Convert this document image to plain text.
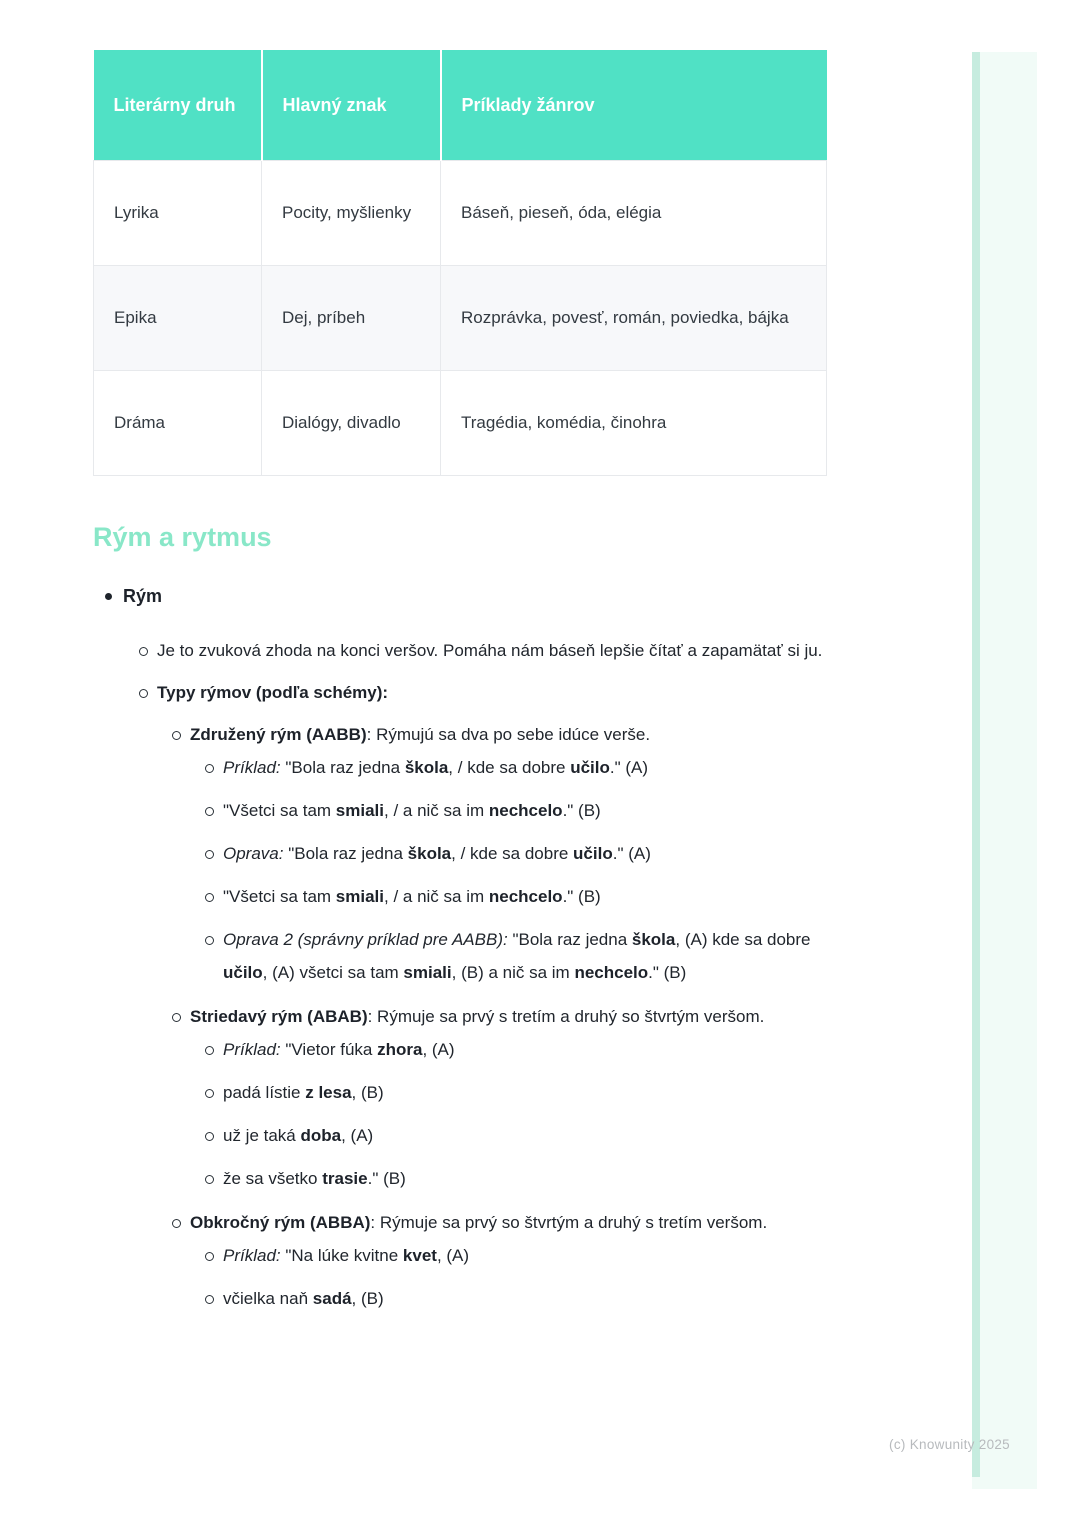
Literárny druh	Hlavný znak	Príklady žánrov
Lyrika	Pocity, myšlienky	Báseň, pieseň, óda, elégia
Epika	Dej, príbeh	Rozprávka, povesť, román, poviedka, bájka
Dráma	Dialógy, divadlo	Tragédia, komédia, činohra
Rým a rytmus
Rým
Je to zvuková zhoda na konci veršov. Pomáha nám báseň lepšie čítať a zapamätať si ju.
Typy rýmov (podľa schémy):
Združený rým (AABB): Rýmujú sa dva po sebe idúce verše.
Príklad: "Bola raz jedna škola, / kde sa dobre učilo." (A)
"Všetci sa tam smiali, / a nič sa im nechcelo." (B)
Oprava: "Bola raz jedna škola, / kde sa dobre učilo." (A)
"Všetci sa tam smiali, / a nič sa im nechcelo." (B)
Oprava 2 (správny príklad pre AABB): "Bola raz jedna škola, (A) kde sa dobre učilo, (A) všetci sa tam smiali, (B) a nič sa im nechcelo." (B)
Striedavý rým (ABAB): Rýmuje sa prvý s tretím a druhý so štvrtým veršom.
Príklad: "Vietor fúka zhora, (A)
padá lístie z lesa, (B)
už je taká doba, (A)
že sa všetko trasie." (B)
Obkročný rým (ABBA): Rýmuje sa prvý so štvrtým a druhý s tretím veršom.
Príklad: "Na lúke kvitne kvet, (A)
včielka naň sadá, (B)
(c) Knowunity 2025
